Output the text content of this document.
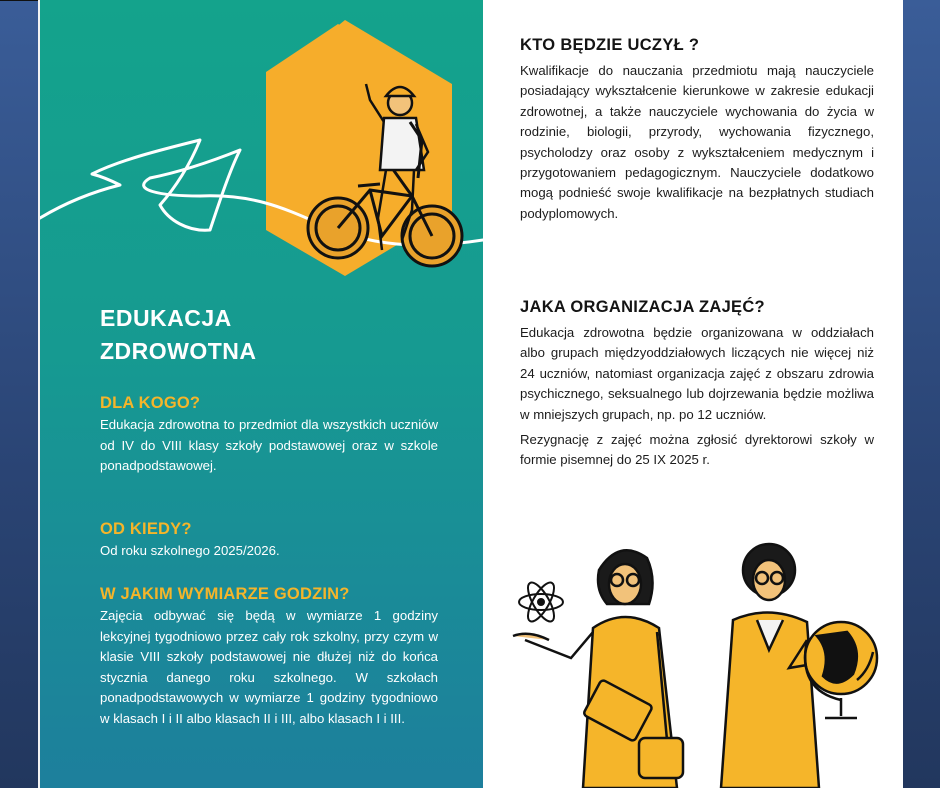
EDUKACJA
ZDROWOTNA
DLA KOGO?

Edukacja zdrowotna to przedmiot dla wszystkich uczniów od IV do VIII klasy szkoły podstawowej oraz w szkole ponadpodstawowej.

OD KIEDY?

Od roku szkolnego 2025/2026.

W JAKIM WYMIARZE GODZIN?

Zajęcia odbywać się będą w wymiarze 1 godziny lekcyjnej tygodniowo przez cały rok szkolny, przy czym w klasie VIII szkoły podstawowej nie dłużej niż do końca stycznia danego roku szkolnego. W szkołach ponadpodstawowych w wymiarze 1 godziny tygodniowo w klasach I i II albo klasach II i III, albo klasach I i III.

KTO BĘDZIE UCZYŁ ?

Kwalifikacje do nauczania przedmiotu mają nauczyciele posiadający wykształcenie kierunkowe w zakresie edukacji zdrowotnej, a także nauczyciele wychowania do życia w rodzinie, biologii, przyrody, wychowania fizycznego, psycholodzy oraz osoby z wykształceniem medycznym i przygotowaniem pedagogicznym. Nauczyciele dodatkowo mogą podnieść swoje kwalifikacje na bezpłatnych studiach podyplomowych.

JAKA ORGANIZACJA ZAJĘĆ?

Edukacja zdrowotna będzie organizowana w oddziałach albo grupach międzyoddziałowych liczących nie więcej niż 24 uczniów, natomiast organizacja zajęć z obszaru zdrowia psychicznego, seksualnego lub dojrzewania będzie możliwa w mniejszych grupach, np. po 12 uczniów.

Rezygnację z zajęć można zgłosić dyrektorowi szkoły w formie pisemnej do 25 IX 2025 r.
